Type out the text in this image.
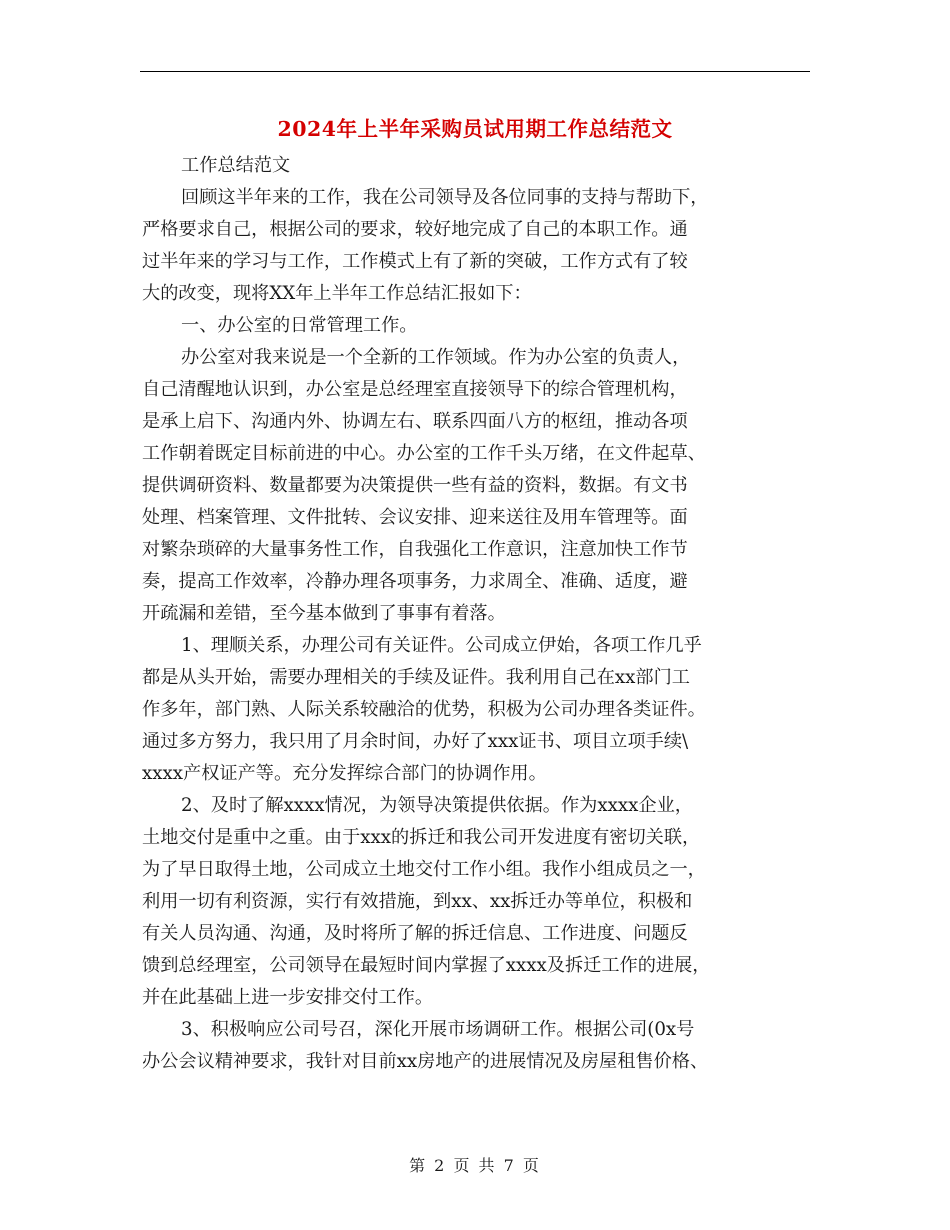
2024年上半年采购员试用期工作总结范文
工作总结范文
回顾这半年来的工作，我在公司领导及各位同事的支持与帮助下，
严格要求自己，根据公司的要求，较好地完成了自己的本职工作。通
过半年来的学习与工作，工作模式上有了新的突破，工作方式有了较
大的改变，现将XX年上半年工作总结汇报如下：
一、办公室的日常管理工作。
办公室对我来说是一个全新的工作领域。作为办公室的负责人，
自己清醒地认识到，办公室是总经理室直接领导下的综合管理机构，
是承上启下、沟通内外、协调左右、联系四面八方的枢纽，推动各项
工作朝着既定目标前进的中心。办公室的工作千头万绪，在文件起草、
提供调研资料、数量都要为决策提供一些有益的资料，数据。有文书
处理、档案管理、文件批转、会议安排、迎来送往及用车管理等。面
对繁杂琐碎的大量事务性工作，自我强化工作意识，注意加快工作节
奏，提高工作效率，冷静办理各项事务，力求周全、准确、适度，避
开疏漏和差错，至今基本做到了事事有着落。
1、理顺关系，办理公司有关证件。公司成立伊始，各项工作几乎
都是从头开始，需要办理相关的手续及证件。我利用自己在xx部门工
作多年，部门熟、人际关系较融洽的优势，积极为公司办理各类证件。
通过多方努力，我只用了月余时间，办好了xxx证书、项目立项手续\
xxxx产权证产等。充分发挥综合部门的协调作用。
2、及时了解xxxx情况，为领导决策提供依据。作为xxxx企业，
土地交付是重中之重。由于xxx的拆迁和我公司开发进度有密切关联，
为了早日取得土地，公司成立土地交付工作小组。我作小组成员之一，
利用一切有利资源，实行有效措施，到xx、xx拆迁办等单位，积极和
有关人员沟通、沟通，及时将所了解的拆迁信息、工作进度、问题反
馈到总经理室，公司领导在最短时间内掌握了xxxx及拆迁工作的进展，
并在此基础上进一步安排交付工作。
3、积极响应公司号召，深化开展市场调研工作。根据公司(0x号
办公会议精神要求，我针对目前xx房地产的进展情况及房屋租售价格、
第 2 页 共 7 页
